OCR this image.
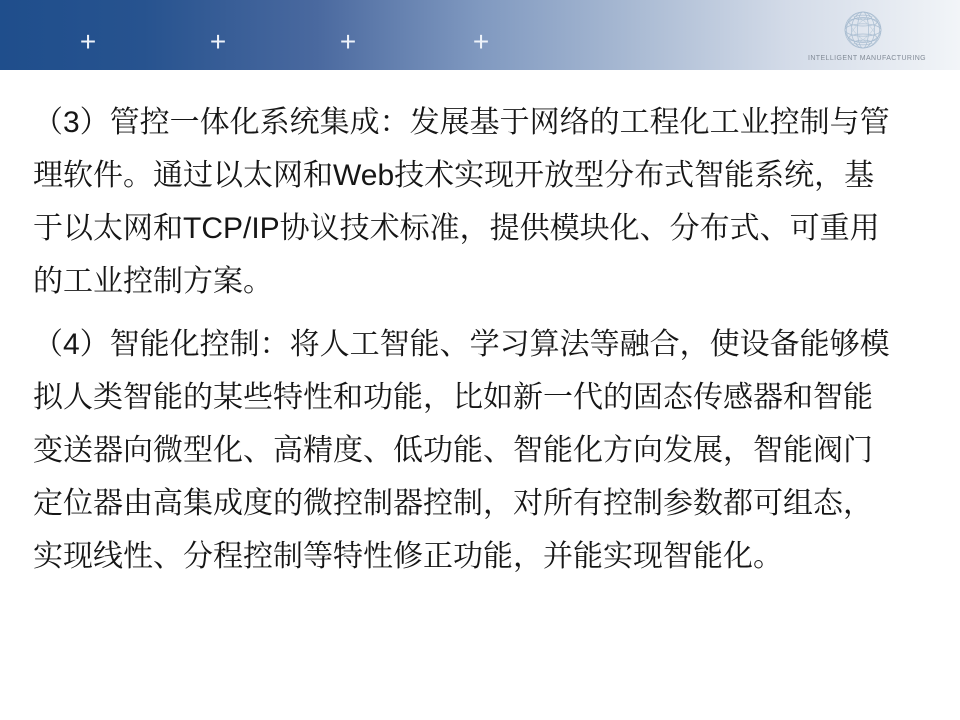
+	+	+	+
INTELLIGENT MANUFACTURING
（3）管控一体化系统集成：发展基于网络的工程化工业控制与管
理软件。通过以太网和Web技术实现开放型分布式智能系统，基
于以太网和TCP/IP协议技术标准，提供模块化、分布式、可重用
的工业控制方案。
（4）智能化控制：将人工智能、学习算法等融合，使设备能够模
拟人类智能的某些特性和功能，比如新一代的固态传感器和智能
变送器向微型化、高精度、低功能、智能化方向发展，智能阀门
定位器由高集成度的微控制器控制，对所有控制参数都可组态，
实现线性、分程控制等特性修正功能，并能实现智能化。
